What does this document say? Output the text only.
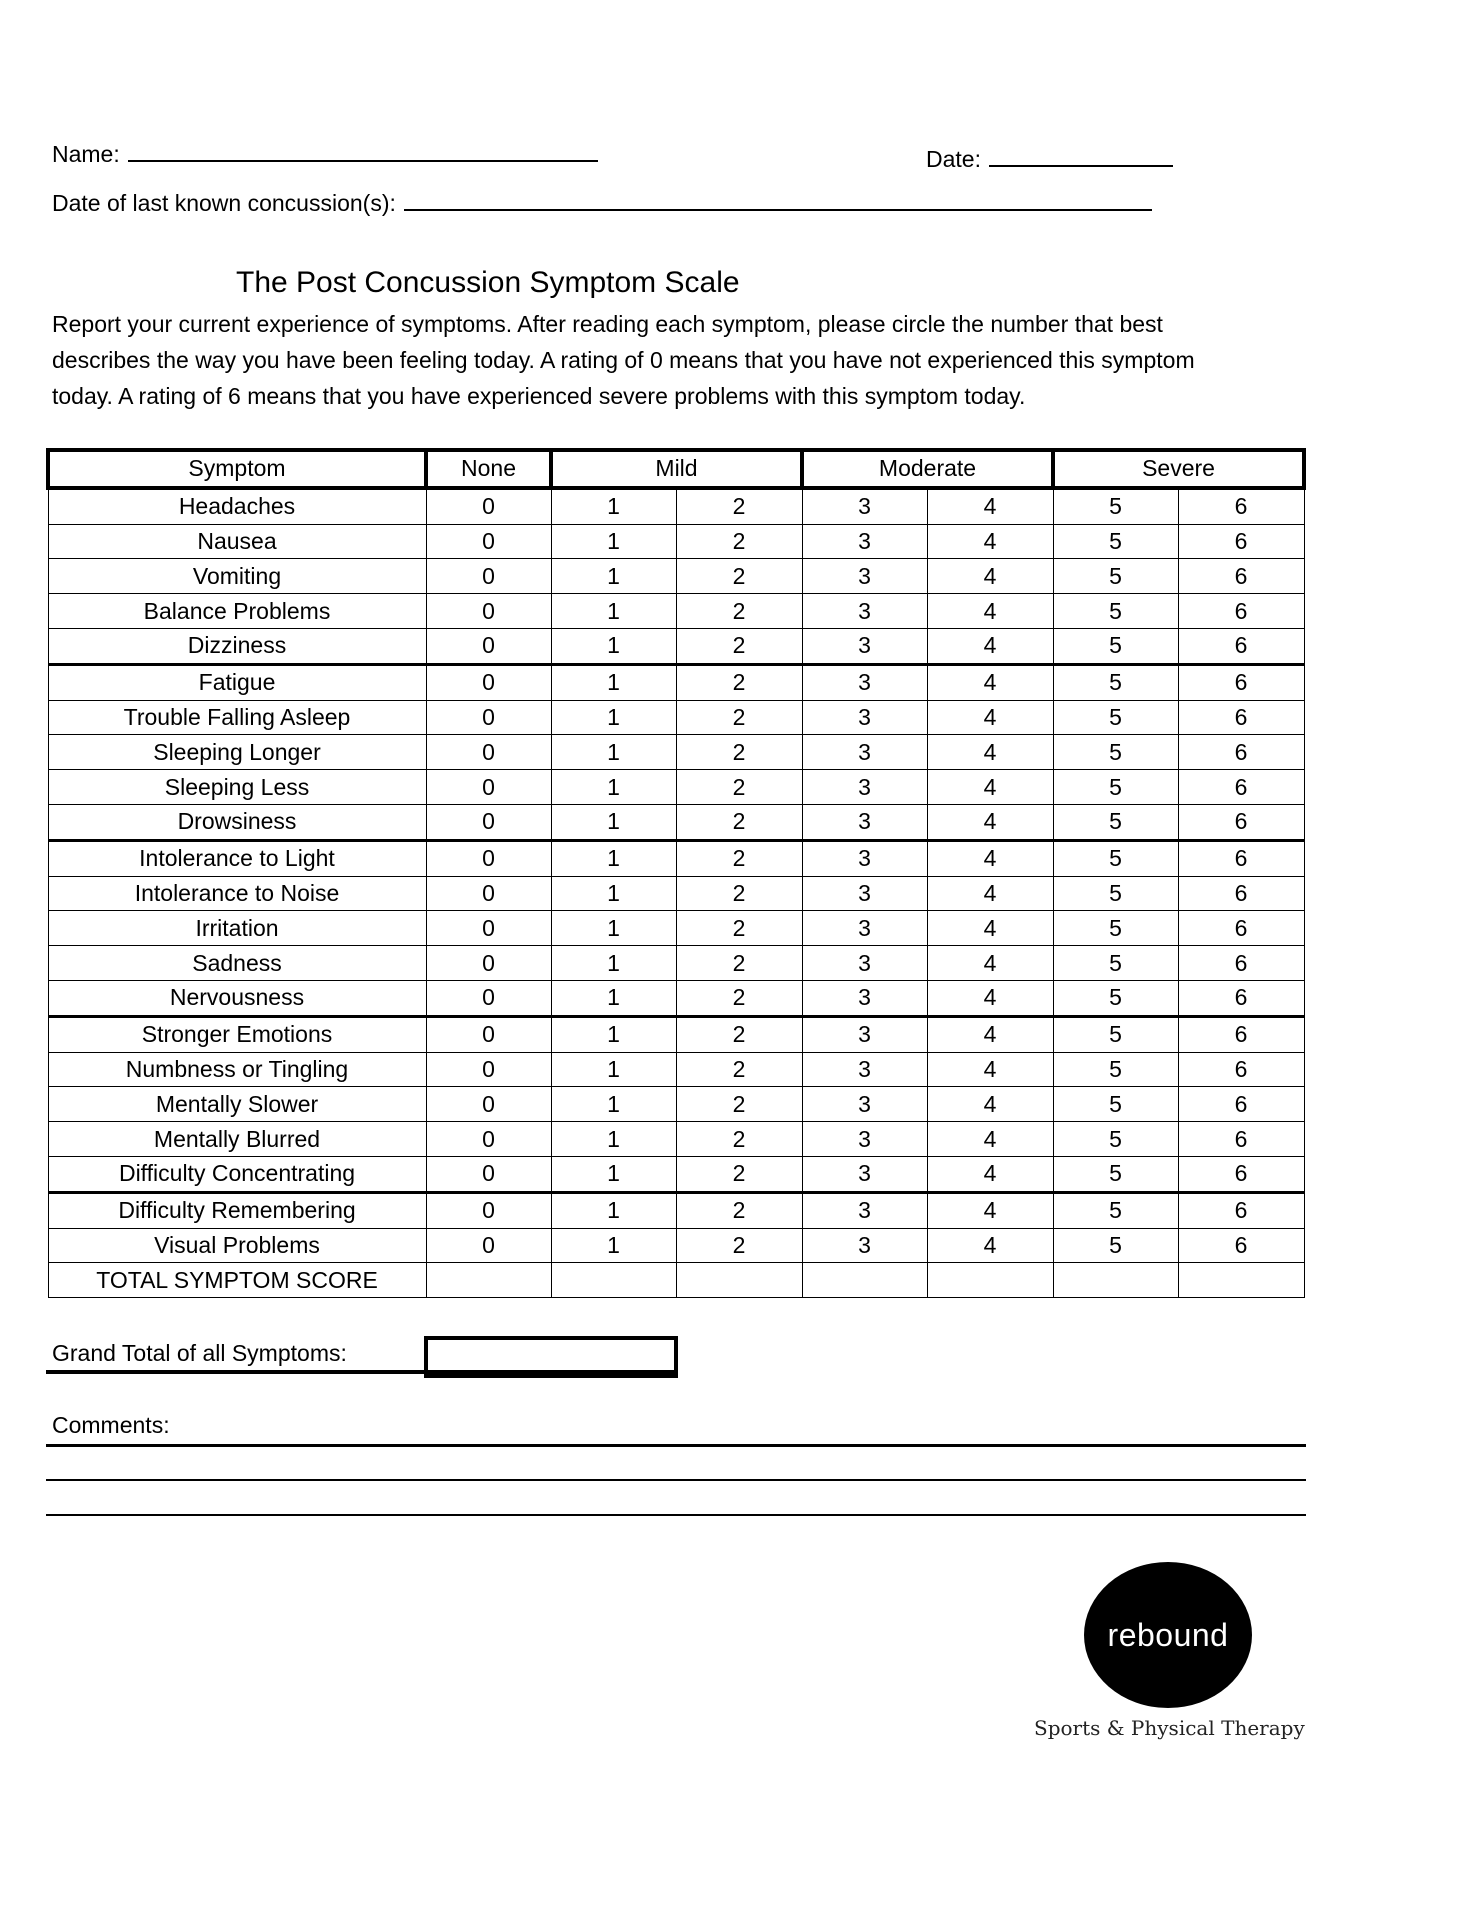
Name:	Date:
Date of last known concussion(s):
The Post Concussion Symptom Scale
Report your current experience of symptoms. After reading each symptom, please circle the number that best describes the way you have been feeling today. A rating of 0 means that you have not experienced this symptom today. A rating of 6 means that you have experienced severe problems with this symptom today.
Symptom	None	Mild		Moderate		Severe	
Headaches	0	1	2	3	4	5	6
Nausea	0	1	2	3	4	5	6
Vomiting	0	1	2	3	4	5	6
Balance Problems	0	1	2	3	4	5	6
Dizziness	0	1	2	3	4	5	6
Fatigue	0	1	2	3	4	5	6
Trouble Falling Asleep	0	1	2	3	4	5	6
Sleeping Longer	0	1	2	3	4	5	6
Sleeping Less	0	1	2	3	4	5	6
Drowsiness	0	1	2	3	4	5	6
Intolerance to Light	0	1	2	3	4	5	6
Intolerance to Noise	0	1	2	3	4	5	6
Irritation	0	1	2	3	4	5	6
Sadness	0	1	2	3	4	5	6
Nervousness	0	1	2	3	4	5	6
Stronger Emotions	0	1	2	3	4	5	6
Numbness or Tingling	0	1	2	3	4	5	6
Mentally Slower	0	1	2	3	4	5	6
Mentally Blurred	0	1	2	3	4	5	6
Difficulty Concentrating	0	1	2	3	4	5	6
Difficulty Remembering	0	1	2	3	4	5	6
Visual Problems	0	1	2	3	4	5	6
TOTAL SYMPTOM SCORE							
Grand Total of all Symptoms:
Comments:
rebound
Sports & Physical Therapy
